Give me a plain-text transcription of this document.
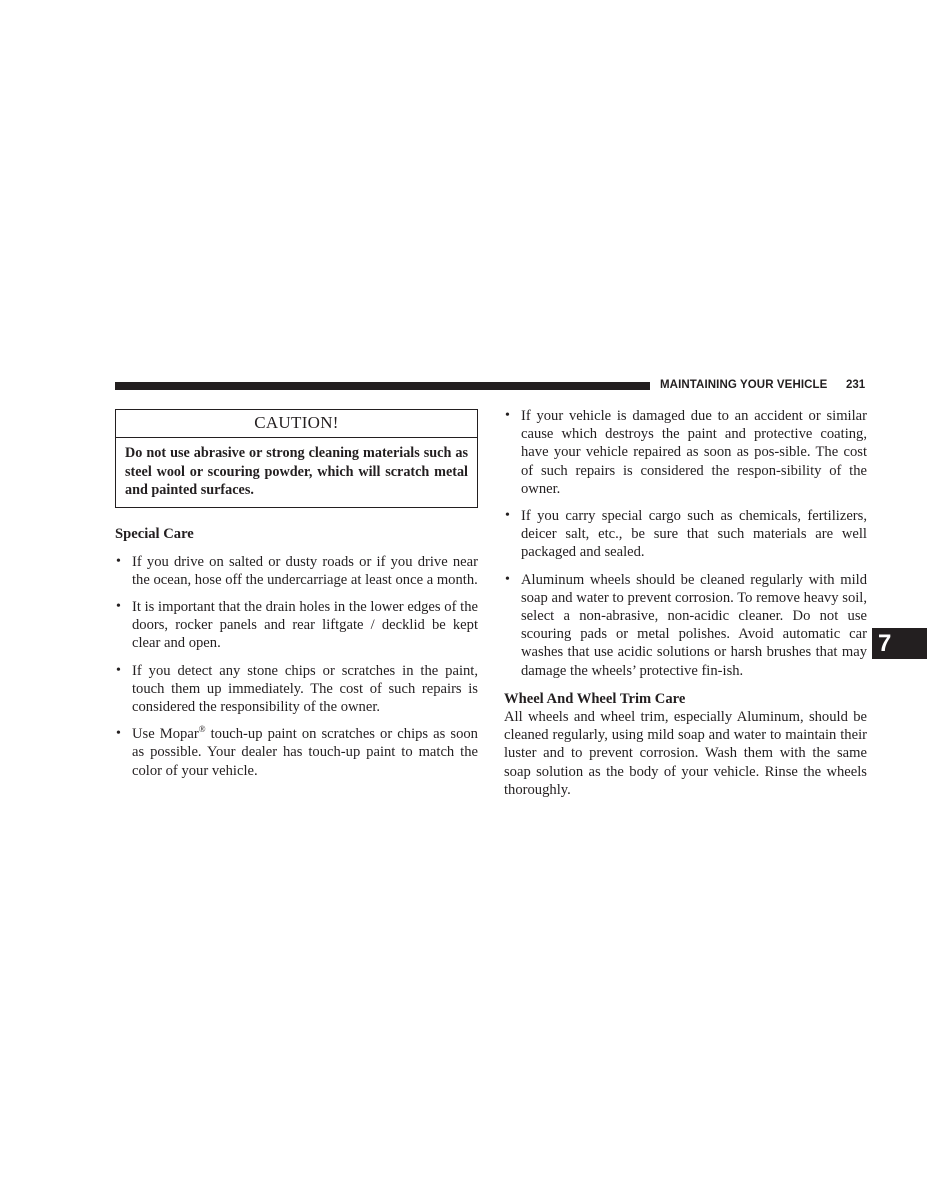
MAINTAINING YOUR VEHICLE 231
CAUTION!
Do not use abrasive or strong cleaning materials such as steel wool or scouring powder, which will scratch metal and painted surfaces.
Special Care
• If you drive on salted or dusty roads or if you drive near the ocean, hose off the undercarriage at least once a month.
• It is important that the drain holes in the lower edges of the doors, rocker panels and rear liftgate / decklid be kept clear and open.
• If you detect any stone chips or scratches in the paint, touch them up immediately. The cost of such repairs is considered the responsibility of the owner.
• Use Mopar® touch-up paint on scratches or chips as soon as possible. Your dealer has touch-up paint to match the color of your vehicle.
• If your vehicle is damaged due to an accident or similar cause which destroys the paint and protective coating, have your vehicle repaired as soon as pos-sible. The cost of such repairs is considered the respon-sibility of the owner.
• If you carry special cargo such as chemicals, fertilizers, deicer salt, etc., be sure that such materials are well packaged and sealed.
• Aluminum wheels should be cleaned regularly with mild soap and water to prevent corrosion. To remove heavy soil, select a non-abrasive, non-acidic cleaner. Do not use scouring pads or metal polishes. Avoid automatic car washes that use acidic solutions or harsh brushes that may damage the wheels’ protective fin-ish.
Wheel And Wheel Trim Care

All wheels and wheel trim, especially Aluminum, should be cleaned regularly, using mild soap and water to maintain their luster and to prevent corrosion. Wash them with the same soap solution as the body of your vehicle. Rinse the wheels thoroughly.

7
